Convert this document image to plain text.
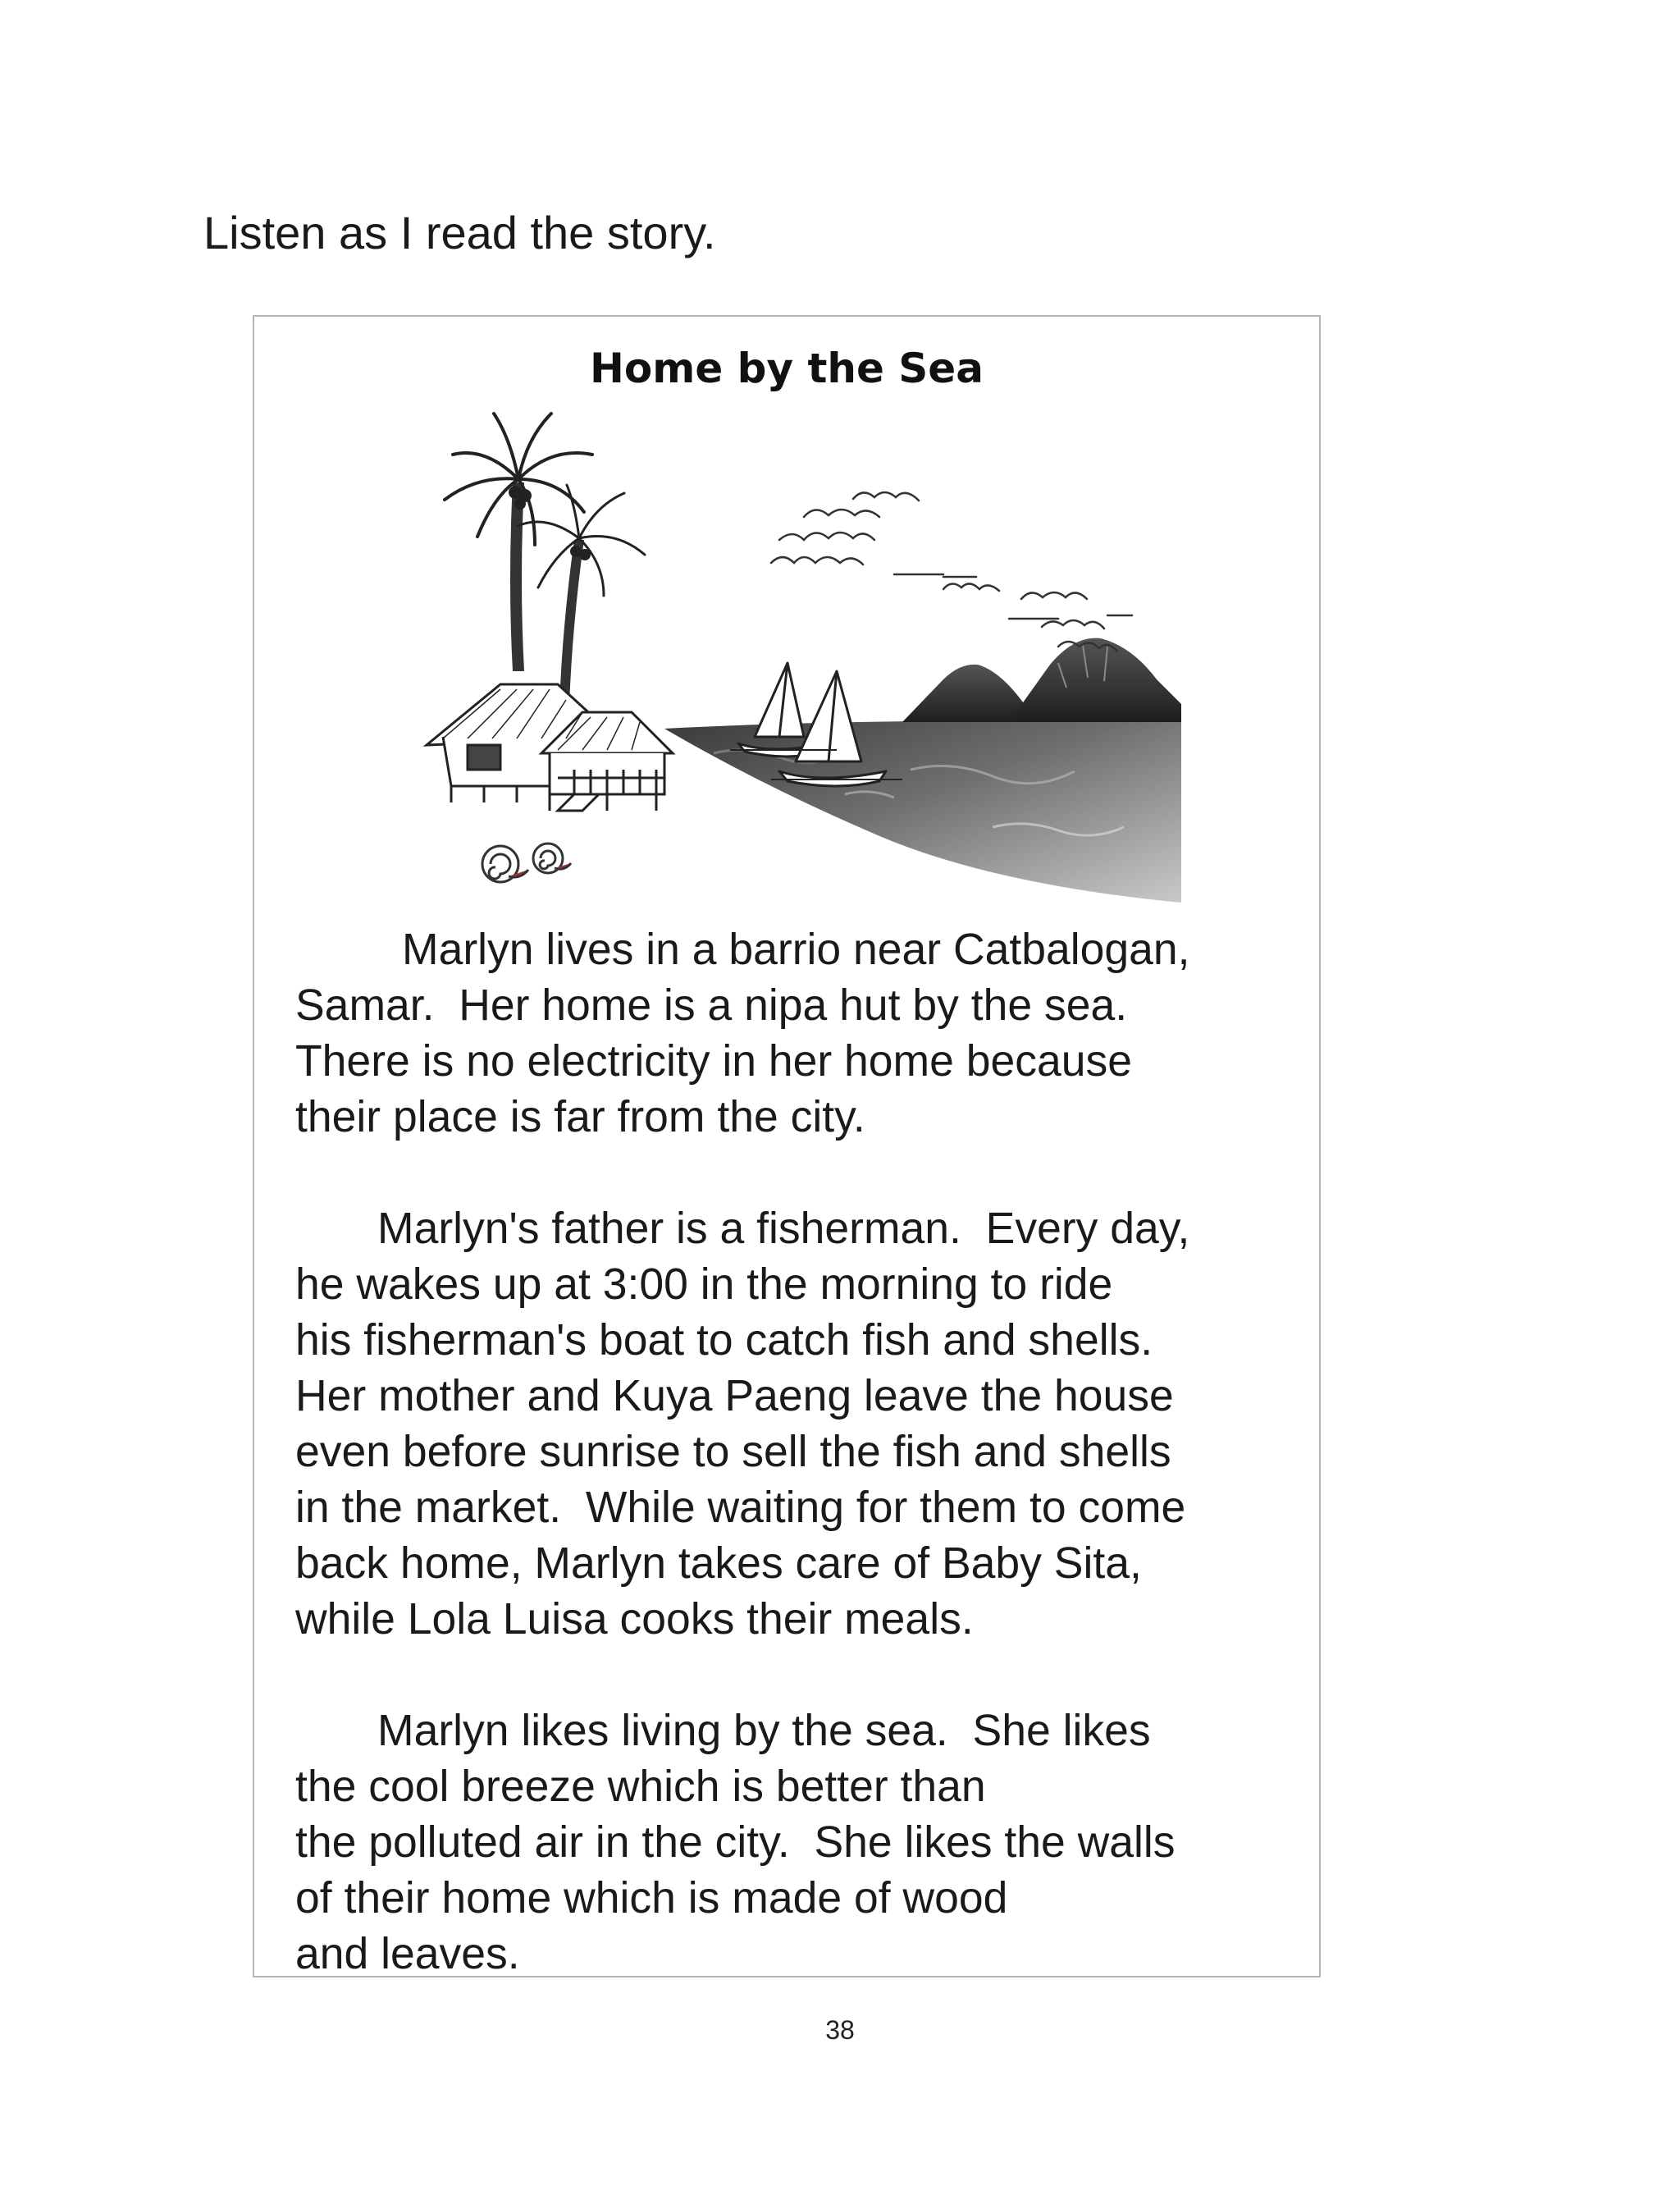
Listen as I read the story.
Home by the Sea
Marlyn lives in a barrio near Catbalogan,
Samar.  Her home is a nipa hut by the sea.
There is no electricity in her home because
their place is far from the city.
Marlyn's father is a fisherman.  Every day,
he wakes up at 3:00 in the morning to ride
his fisherman's boat to catch fish and shells.
Her mother and Kuya Paeng leave the house
even before sunrise to sell the fish and shells
in the market.  While waiting for them to come
back home, Marlyn takes care of Baby Sita,
while Lola Luisa cooks their meals.
Marlyn likes living by the sea.  She likes
the cool breeze which is better than
the polluted air in the city.  She likes the walls
of their home which is made of wood
and leaves.
38
